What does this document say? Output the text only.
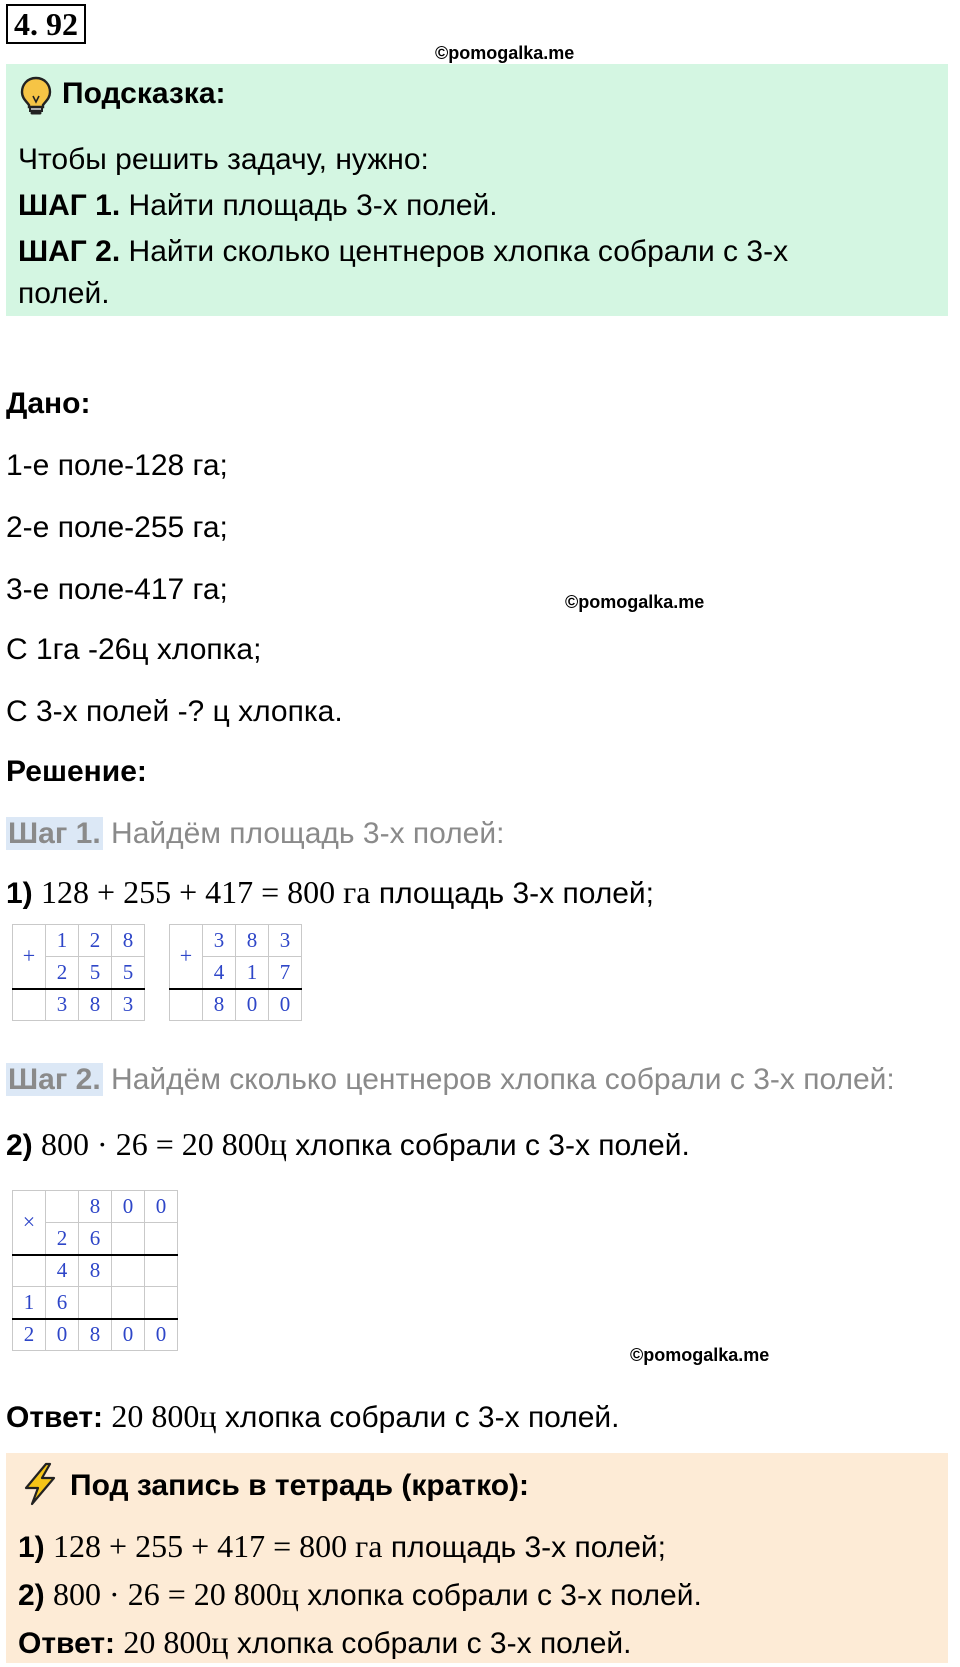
4. 92
©pomogalka.me
Подсказка:
Чтобы решить задачу, нужно:
ШАГ 1. Найти площадь 3-х полей.
ШАГ 2. Найти сколько центнеров хлопка собрали с 3-х
полей.
Дано:
1-е поле-128 га;
2-е поле-255 га;
3-е поле-417 га;	©pomogalka.me
С 1га -26ц хлопка;
С 3-х полей -? ц хлопка.
Решение:
Шаг 1. Найдём площадь 3-х полей:
1) 128 + 255 + 417 = 800 га площадь 3-х полей;
+	1	2	8
	2	5	5
	3	8	3
+	3	8	3
	4	1	7
	8	0	0
Шаг 2. Найдём сколько центнеров хлопка собрали с 3-х полей:
2) 800 · 26 = 20 800ц хлопка собрали с 3-х полей.
×		8	0	0
	2	6		
	4	8		
1	6			
2	0	8	0	0
©pomogalka.me
Ответ: 20 800ц хлопка собрали с 3-х полей.
Под запись в тетрадь (кратко):
1) 128 + 255 + 417 = 800 га площадь 3-х полей;
2) 800 · 26 = 20 800ц хлопка собрали с 3-х полей.
Ответ: 20 800ц хлопка собрали с 3-х полей.
